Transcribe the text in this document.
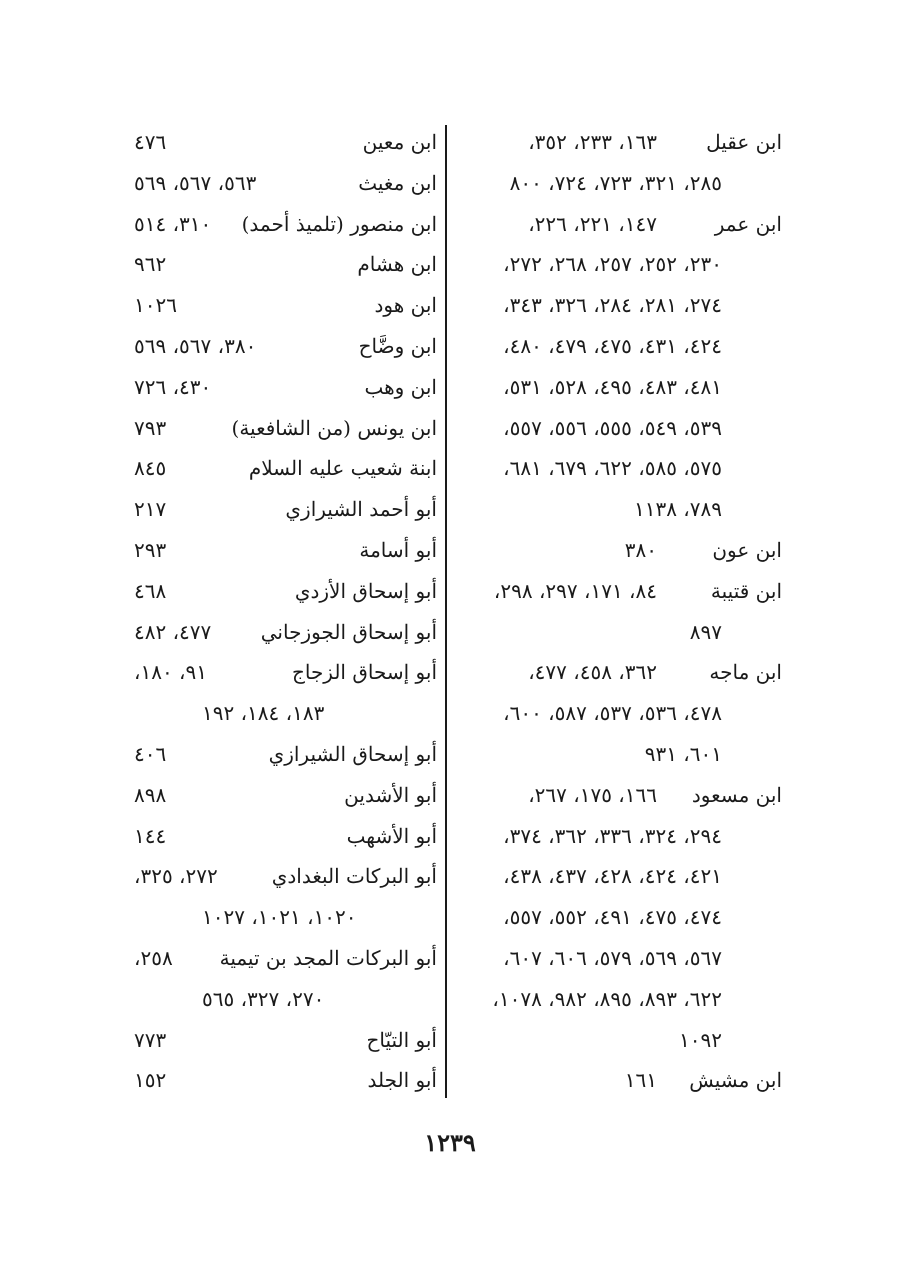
ابن عقيل
١٦٣، ٢٣٣، ٣٥٢،
٢٨٥، ٣٢١، ٧٢٣، ٧٢٤، ٨٠٠
ابن عمر
١٤٧، ٢٢١، ٢٢٦،
٢٣٠، ٢٥٢، ٢٥٧، ٢٦٨، ٢٧٢،
٢٧٤، ٢٨١، ٢٨٤، ٣٢٦، ٣٤٣،
٤٢٤، ٤٣١، ٤٧٥، ٤٧٩، ٤٨٠،
٤٨١، ٤٨٣، ٤٩٥، ٥٢٨، ٥٣١،
٥٣٩، ٥٤٩، ٥٥٥، ٥٥٦، ٥٥٧،
٥٧٥، ٥٨٥، ٦٢٢، ٦٧٩، ٦٨١،
٧٨٩، ١١٣٨
ابن عون
٣٨٠
ابن قتيبة
٨٤، ١٧١، ٢٩٧، ٢٩٨،
٨٩٧
ابن ماجه
٣٦٢، ٤٥٨، ٤٧٧،
٤٧٨، ٥٣٦، ٥٣٧، ٥٨٧، ٦٠٠،
٦٠١، ٩٣١
ابن مسعود
١٦٦، ١٧٥، ٢٦٧،
٢٩٤، ٣٢٤، ٣٣٦، ٣٦٢، ٣٧٤،
٤٢١، ٤٢٤، ٤٢٨، ٤٣٧، ٤٣٨،
٤٧٤، ٤٧٥، ٤٩١، ٥٥٢، ٥٥٧،
٥٦٧، ٥٦٩، ٥٧٩، ٦٠٦، ٦٠٧،
٦٢٢، ٨٩٣، ٨٩٥، ٩٨٢، ١٠٧٨،
١٠٩٢
ابن مشيش
١٦١
ابن معين
٤٧٦
ابن مغيث
٥٦٣، ٥٦٧، ٥٦٩
ابن منصور (تلميذ أحمد)
٣١٠، ٥١٤
ابن هشام
٩٦٢
ابن هود
١٠٢٦
ابن وضَّاح
٣٨٠، ٥٦٧، ٥٦٩
ابن وهب
٤٣٠، ٧٢٦
ابن يونس (من الشافعية)
٧٩٣
ابنة شعيب عليه السلام
٨٤٥
أبو أحمد الشيرازي
٢١٧
أبو أسامة
٢٩٣
أبو إسحاق الأزدي
٤٦٨
أبو إسحاق الجوزجاني
٤٧٧، ٤٨٢
أبو إسحاق الزجاج
٩١، ١٨٠،
١٨٣، ١٨٤، ١٩٢
أبو إسحاق الشيرازي
٤٠٦
أبو الأشدين
٨٩٨
أبو الأشهب
١٤٤
أبو البركات البغدادي
٢٧٢، ٣٢٥،
١٠٢٠، ١٠٢١، ١٠٢٧
أبو البركات المجد بن تيمية
٢٥٨،
٢٧٠، ٣٢٧، ٥٦٥
أبو التيّاح
٧٧٣
أبو الجلد
١٥٢
١٢٣٩
